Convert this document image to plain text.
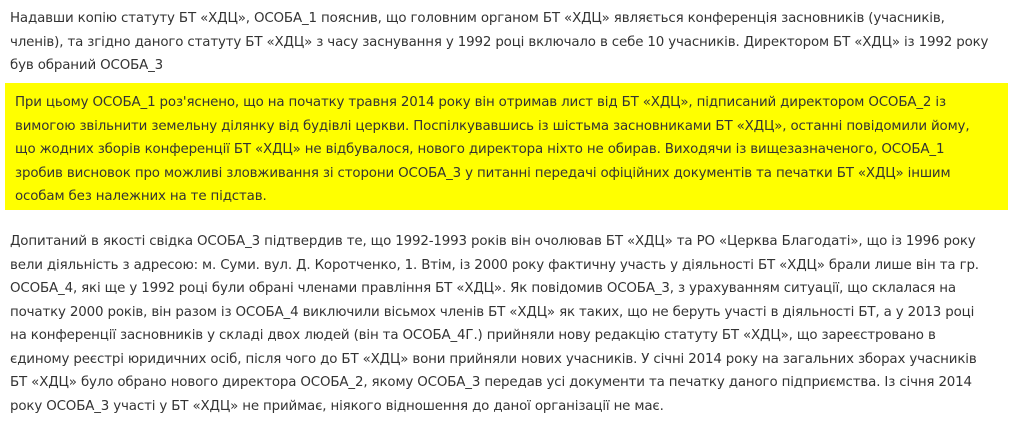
Надавши копію статуту БТ «ХДЦ», ОСОБА_1 пояснив, що головним органом БТ «ХДЦ» являється конференція засновників (учасників,
членів), та згідно даного статуту БТ «ХДЦ» з часу заснування у 1992 році включало в себе 10 учасників. Директором БТ «ХДЦ» із 1992 року
був обраний ОСОБА_3

При цьому ОСОБА_1 роз'яснено, що на початку травня 2014 року він отримав лист від БТ «ХДЦ», підписаний директором ОСОБА_2 із
вимогою звільнити земельну ділянку від будівлі церкви. Поспілкувавшись із шістьма засновниками БТ «ХДЦ», останні повідомили йому,
що жодних зборів конференції БТ «ХДЦ» не відбувалося, нового директора ніхто не обирав. Виходячи із вищезазначеного, ОСОБА_1
зробив висновок про можливі зловживання зі сторони ОСОБА_3 у питанні передачі офіційних документів та печатки БТ «ХДЦ» іншим
особам без належних на те підстав.

Допитаний в якості свідка ОСОБА_3 підтвердив те, що 1992-1993 років він очолював БТ «ХДЦ» та РО «Церква Благодаті», що із 1996 року
вели діяльність з адресою: м. Суми. вул. Д. Коротченко, 1. Втім, із 2000 року фактичну участь у діяльності БТ «ХДЦ» брали лише він та гр.
ОСОБА_4, які ще у 1992 році були обрані членами правління БТ «ХДЦ». Як повідомив ОСОБА_3, з урахуванням ситуації, що склалася на
початку 2000 років, він разом із ОСОБА_4 виключили вісьмох членів БТ «ХДЦ» як таких, що не беруть участі в діяльності БТ, а у 2013 році
на конференції засновників у складі двох людей (він та ОСОБА_4Г.) прийняли нову редакцію статуту БТ «ХДЦ», що зареєстровано в
єдиному реєстрі юридичних осіб, після чого до БТ «ХДЦ» вони прийняли нових учасників. У січні 2014 року на загальних зборах учасників
БТ «ХДЦ» було обрано нового директора ОСОБА_2, якому ОСОБА_3 передав усі документи та печатку даного підприємства. Із січня 2014
року ОСОБА_3 участі у БТ «ХДЦ» не приймає, ніякого відношення до даної організації не має.
